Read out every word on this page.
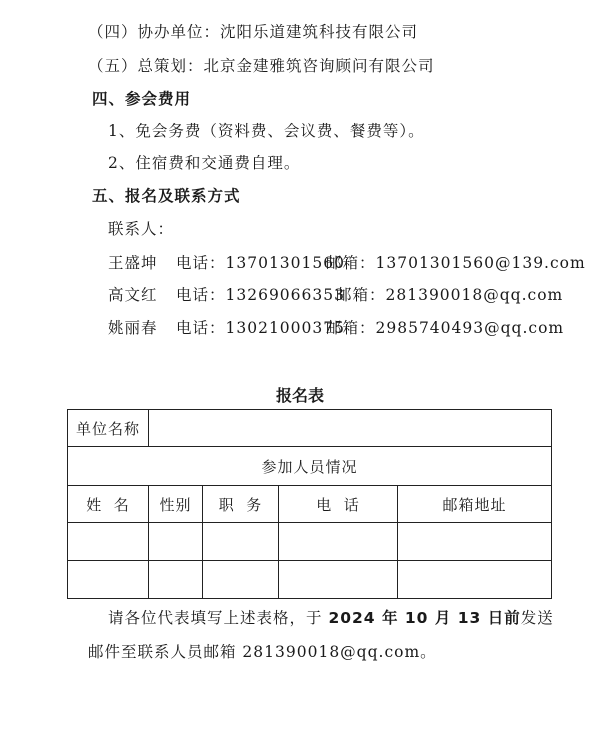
（四）协办单位：沈阳乐道建筑科技有限公司
（五）总策划：北京金建雅筑咨询顾问有限公司
四、参会费用
1、免会务费（资料费、会议费、餐费等）。
2、住宿费和交通费自理。
五、报名及联系方式
联系人：
王盛坤 电话：13701301560邮箱：13701301560@139.com
高文红 电话：13269066353邮箱：281390018@qq.com
姚丽春 电话：13021000375邮箱：2985740493@qq.com
报名表
单位名称				
参加人员情况				
姓  名	性别	职  务	电  话	邮箱地址

请各位代表填写上述表格，于 2024 年 10 月 13 日前发送
邮件至联系人员邮箱 281390018@qq.com。
